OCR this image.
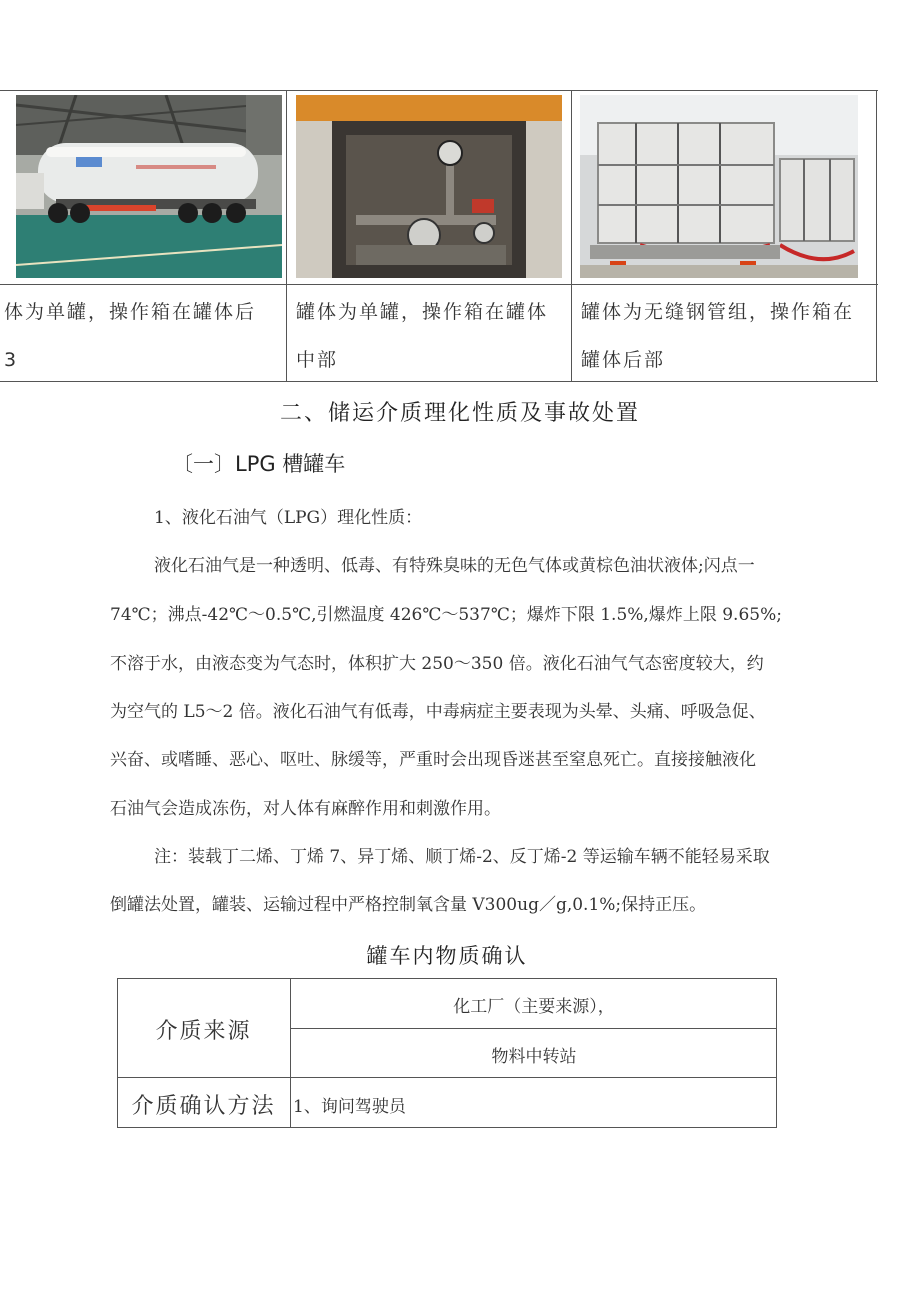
体为单罐，操作箱在罐体后
3
罐体为单罐，操作箱在罐体
中部
罐体为无缝钢管组，操作箱在
罐体后部
二、储运介质理化性质及事故处置
〔一〕LPG 槽罐车
1、液化石油气（LPG）理化性质：
液化石油气是一种透明、低毒、有特殊臭味的无色气体或黄棕色油状液体;闪点一
74℃；沸点-42℃～0.5℃,引燃温度 426℃～537℃；爆炸下限 1.5%,爆炸上限 9.65%;
不溶于水，由液态变为气态时，体积扩大 250～350 倍。液化石油气气态密度较大，约
为空气的 L5～2 倍。液化石油气有低毒，中毒病症主要表现为头晕、头痛、呼吸急促、
兴奋、或嗜睡、恶心、呕吐、脉缓等，严重时会出现昏迷甚至窒息死亡。直接接触液化
石油气会造成冻伤，对人体有麻醉作用和刺激作用。
注：装载丁二烯、丁烯 7、异丁烯、顺丁烯-2、反丁烯-2 等运输车辆不能轻易采取
倒罐法处置，罐装、运输过程中严格控制氧含量 V300ug／g,0.1%;保持正压。
罐车内物质确认
介质来源
化工厂（主要来源），
物料中转站
介质确认方法	1、询问驾驶员
